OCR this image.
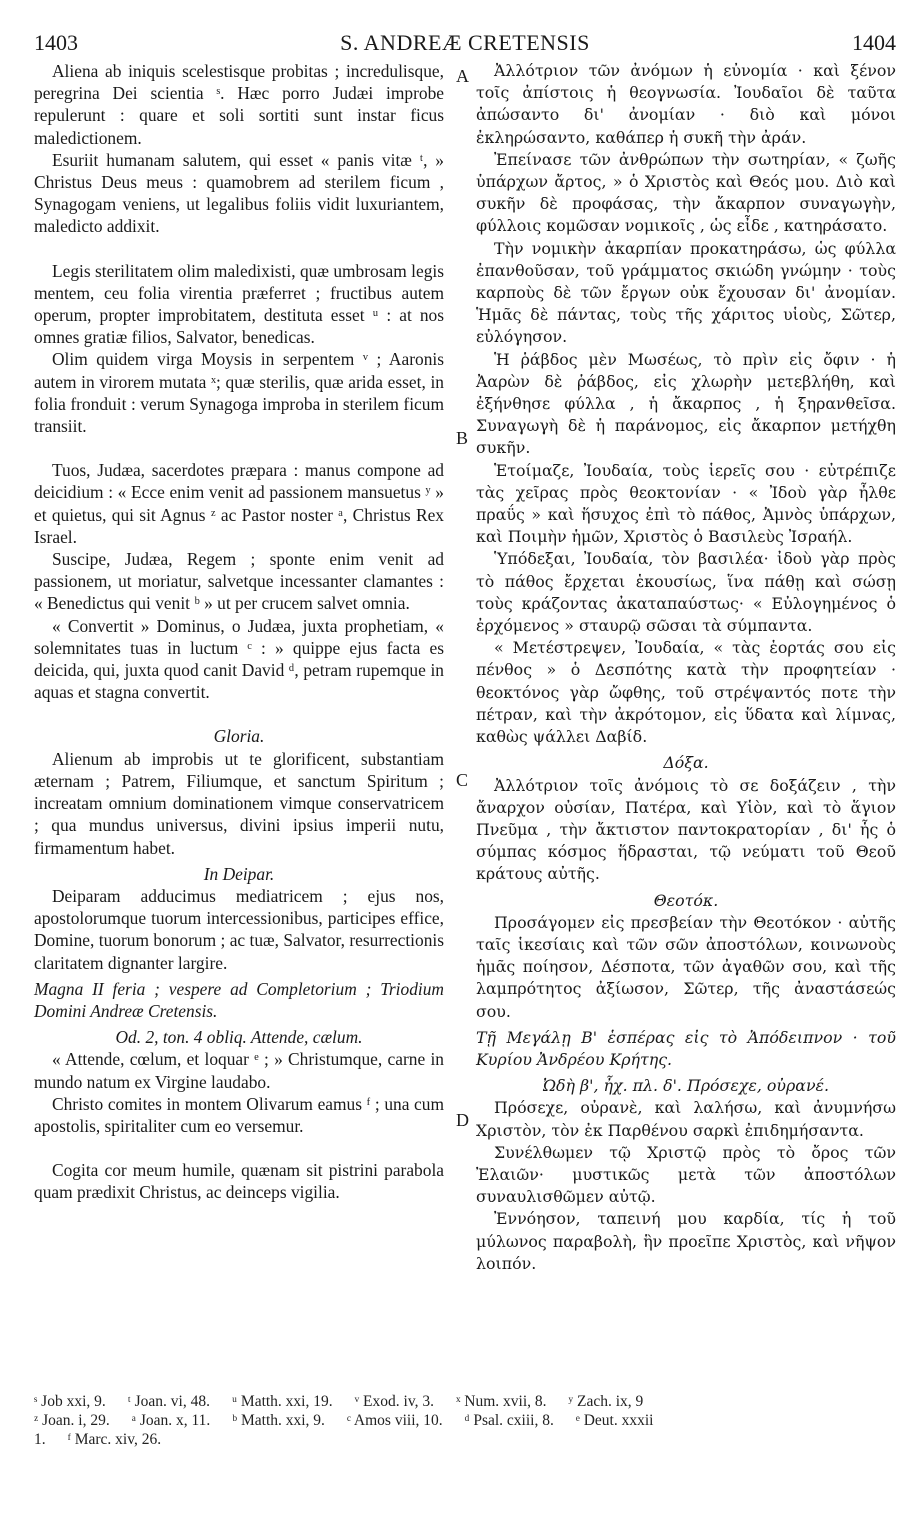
1403	S. ANDREÆ CRETENSIS	1404

Aliena ab iniquis scelestisque probitas ; incredulisque, peregrina Dei scientia ˢ. Hæc porro Judæi improbe repulerunt : quare et soli sortiti sunt instar ficus maledictionem.

Esuriit humanam salutem, qui esset « panis vitæ ᵗ, » Christus Deus meus : quamobrem ad sterilem ficum , Synagogam veniens, ut legalibus foliis vidit luxuriantem, maledicto addixit.

Legis sterilitatem olim maledixisti, quæ umbrosam legis mentem, ceu folia virentia præferret ; fructibus autem operum, propter improbitatem, destituta esset ᵘ : at nos omnes gratiæ filios, Salvator, benedicas.

Olim quidem virga Moysis in serpentem ᵛ ; Aaronis autem in virorem mutata ˣ; quæ sterilis, quæ arida esset, in folia fronduit : verum Synagoga improba in sterilem ficum transiit.

Tuos, Judæa, sacerdotes præpara : manus compone ad deicidium : « Ecce enim venit ad passionem mansuetus ʸ » et quietus, qui sit Agnus ᶻ ac Pastor noster ᵃ, Christus Rex Israel.

Suscipe, Judæa, Regem ; sponte enim venit ad passionem, ut moriatur, salvetque incessanter clamantes : « Benedictus qui venit ᵇ » ut per crucem salvet omnia.

« Convertit » Dominus, o Judæa, juxta prophetiam, « solemnitates tuas in luctum ᶜ : » quippe ejus facta es deicida, qui, juxta quod canit David ᵈ, petram rupemque in aquas et stagna convertit.

Gloria.

Alienum ab improbis ut te glorificent, substantiam æternam ; Patrem, Filiumque, et sanctum Spiritum ; increatam omnium dominationem vimque conservatricem ; qua mundus universus, divini ipsius imperii nutu, firmamentum habet.

In Deipar.

Deiparam adducimus mediatricem ; ejus nos, apostolorumque tuorum intercessionibus, participes effice, Domine, tuorum bonorum ; ac tuæ, Salvator, resurrectionis claritatem dignanter largire.

Magna II feria ; vespere ad Completorium ; Triodium Domini Andreæ Cretensis.

Od. 2, ton. 4 obliq. Attende, cælum.

« Attende, cœlum, et loquar ᵉ ; » Christumque, carne in mundo natum ex Virgine laudabo.

Christo comites in montem Olivarum eamus ᶠ ; una cum apostolis, spiritaliter cum eo versemur.

Cogita cor meum humile, quænam sit pistrini parabola quam prædixit Christus, ac deinceps vigilia.

A
B
C
D

Ἀλλότριον τῶν ἀνόμων ἡ εὐνομία · καὶ ξένον τοῖς ἀπίστοις ἡ θεογνωσία. Ἰουδαῖοι δὲ ταῦτα ἀπώσαντο δι' ἀνομίαν · διὸ καὶ μόνοι ἐκληρώσαντο, καθάπερ ἡ συκῆ τὴν ἀράν.

Ἐπείνασε τῶν ἀνθρώπων τὴν σωτηρίαν, « ζωῆς ὑπάρχων ἄρτος, » ὁ Χριστὸς καὶ Θεός μου. Διὸ καὶ συκῆν δὲ προφάσας, τὴν ἄκαρπον συναγωγὴν, φύλλοις κομῶσαν νομικοῖς , ὡς εἶδε , κατηράσατο.

Τὴν νομικὴν ἀκαρπίαν προκατηράσω, ὡς φύλλα ἐπανθοῦσαν, τοῦ γράμματος σκιώδη γνώμην · τοὺς καρποὺς δὲ τῶν ἔργων οὐκ ἔχουσαν δι' ἀνομίαν. Ἡμᾶς δὲ πάντας, τοὺς τῆς χάριτος υἱοὺς, Σῶτερ, εὐλόγησον.

Ἡ ῥάβδος μὲν Μωσέως, τὸ πρὶν εἰς ὄφιν · ἡ Ἀαρὼν δὲ ῥάβδος, εἰς χλωρὴν μετεβλήθη, καὶ ἐξήνθησε φύλλα , ἡ ἄκαρπος , ἡ ξηρανθεῖσα. Συναγωγὴ δὲ ἡ παράνομος, εἰς ἄκαρπον μετήχθη συκῆν.

Ἑτοίμαζε, Ἰουδαία, τοὺς ἱερεῖς σου · εὐτρέπιζε τὰς χεῖρας πρὸς θεοκτονίαν · « Ἰδοὺ γὰρ ἦλθε πραΰς » καὶ ἥσυχος ἐπὶ τὸ πάθος, Ἀμνὸς ὑπάρχων, καὶ Ποιμὴν ἡμῶν, Χριστὸς ὁ Βασιλεὺς Ἰσραήλ.

Ὑπόδεξαι, Ἰουδαία, τὸν βασιλέα· ἰδοὺ γὰρ πρὸς τὸ πάθος ἔρχεται ἑκουσίως, ἵνα πάθῃ καὶ σώσῃ τοὺς κράζοντας ἀκαταπαύστως· « Εὐλογημένος ὁ ἐρχόμενος » σταυρῷ σῶσαι τὰ σύμπαντα.

« Μετέστρεψεν, Ἰουδαία, « τὰς ἑορτάς σου εἰς πένθος » ὁ Δεσπότης κατὰ τὴν προφητείαν · θεοκτόνος γὰρ ὤφθης, τοῦ στρέψαντός ποτε τὴν πέτραν, καὶ τὴν ἀκρότομον, εἰς ὕδατα καὶ λίμνας, καθὼς ψάλλει Δαβίδ.

Δόξα.

Ἀλλότριον τοῖς ἀνόμοις τὸ σε δοξάζειν , τὴν ἄναρχον οὐσίαν, Πατέρα, καὶ Υἱὸν, καὶ τὸ ἅγιον Πνεῦμα , τὴν ἄκτιστον παντοκρατορίαν , δι' ἧς ὁ σύμπας κόσμος ἥδρασται, τῷ νεύματι τοῦ Θεοῦ κράτους αὐτῆς.

Θεοτόκ.

Προσάγομεν εἰς πρεσβείαν τὴν Θεοτόκον · αὐτῆς ταῖς ἱκεσίαις καὶ τῶν σῶν ἀποστόλων, κοινωνοὺς ἡμᾶς ποίησον, Δέσποτα, τῶν ἀγαθῶν σου, καὶ τῆς λαμπρότητος ἀξίωσον, Σῶτερ, τῆς ἀναστάσεώς σου.

Τῇ Μεγάλῃ Β' ἑσπέρας εἰς τὸ Ἀπόδειπνον · τοῦ Κυρίου Ἀνδρέου Κρήτης.

Ὠδὴ β', ἦχ. πλ. δ'. Πρόσεχε, οὐρανέ.

Πρόσεχε, οὐρανὲ, καὶ λαλήσω, καὶ ἀνυμνήσω Χριστὸν, τὸν ἐκ Παρθένου σαρκὶ ἐπιδημήσαντα.

Συνέλθωμεν τῷ Χριστῷ πρὸς τὸ ὄρος τῶν Ἐλαιῶν· μυστικῶς μετὰ τῶν ἀποστόλων συναυλισθῶμεν αὐτῷ.

Ἐννόησον, ταπεινή μου καρδία, τίς ἡ τοῦ μύλωνος παραβολὴ, ἣν προεῖπε Χριστὸς, καὶ νῆψον λοιπόν.

ˢ Job xxi, 9. ᵗ Joan. vi, 48. ᵘ Matth. xxi, 19. ᵛ Exod. iv, 3. ˣ Num. xvii, 8. ʸ Zach. ix, 9
ᶻ Joan. i, 29. ᵃ Joan. x, 11. ᵇ Matth. xxi, 9. ᶜ Amos viii, 10. ᵈ Psal. cxiii, 8. ᵉ Deut. xxxii
1. ᶠ Marc. xiv, 26.
